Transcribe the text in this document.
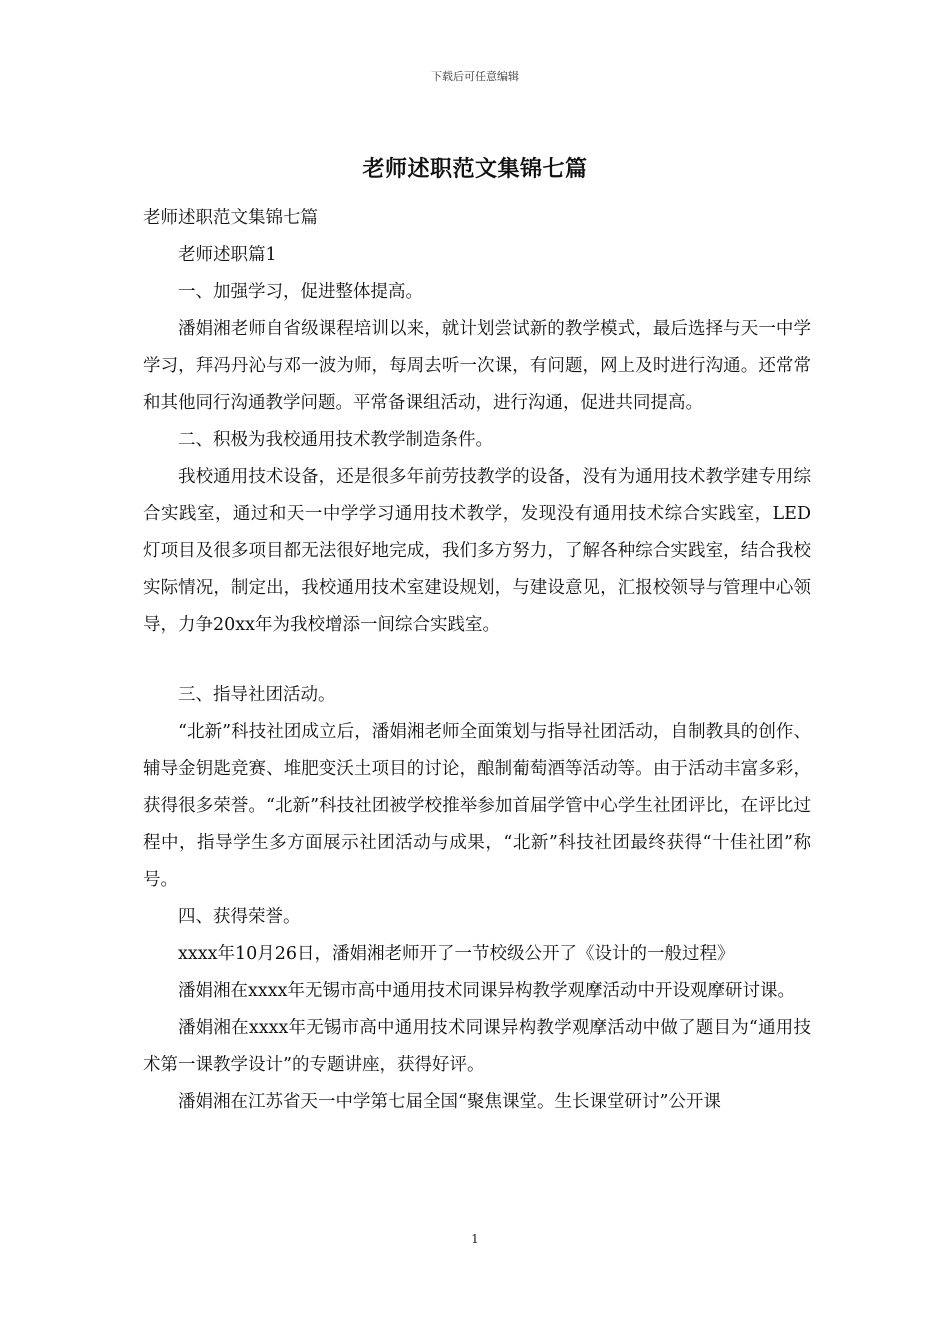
下载后可任意编辑
老师述职范文集锦七篇

老师述职范文集锦七篇

老师述职篇1

一、加强学习，促进整体提高。

潘娟湘老师自省级课程培训以来，就计划尝试新的教学模式，最后选择与天一中学学习，拜冯丹沁与邓一波为师，每周去听一次课，有问题，网上及时进行沟通。还常常和其他同行沟通教学问题。平常备课组活动，进行沟通，促进共同提高。

二、积极为我校通用技术教学制造条件。

我校通用技术设备，还是很多年前劳技教学的设备，没有为通用技术教学建专用综合实践室，通过和天一中学学习通用技术教学，发现没有通用技术综合实践室，LED灯项目及很多项目都无法很好地完成，我们多方努力，了解各种综合实践室，结合我校实际情况，制定出，我校通用技术室建设规划，与建设意见，汇报校领导与管理中心领导，力争20xx年为我校增添一间综合实践室。

三、指导社团活动。

“北新”科技社团成立后，潘娟湘老师全面策划与指导社团活动，自制教具的创作、辅导金钥匙竞赛、堆肥变沃土项目的讨论，酿制葡萄酒等活动等。由于活动丰富多彩，获得很多荣誉。“北新”科技社团被学校推举参加首届学管中心学生社团评比，在评比过程中，指导学生多方面展示社团活动与成果，“北新”科技社团最终获得“十佳社团”称号。

四、获得荣誉。

xxxx年10月26日，潘娟湘老师开了一节校级公开了《设计的一般过程》

潘娟湘在xxxx年无锡市高中通用技术同课异构教学观摩活动中开设观摩研讨课。

潘娟湘在xxxx年无锡市高中通用技术同课异构教学观摩活动中做了题目为“通用技术第一课教学设计”的专题讲座，获得好评。

潘娟湘在江苏省天一中学第七届全国“聚焦课堂。生长课堂研讨”公开课

1
